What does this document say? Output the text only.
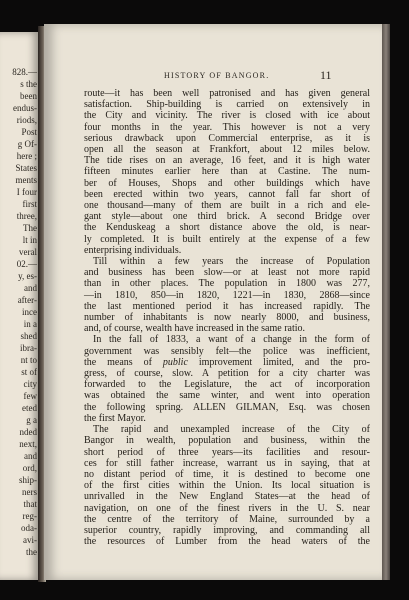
828.—
s the
been
endus-
riods,
Post
g Of-
here ;
States
ments
I four
first
three,
The
lt in
veral
02.—
y, es-
and
after-
ince
in a
shed
ibra-
nt to
st of
city
few
eted
g a
nded
next,
and
ord,
ship-
ners
that
reg-
oda-
avi-
the
HISTORY OF BANGOR.	11
route—it has been well patronised and has given general
satisfaction. Ship-building is carried on extensively in
the City and vicinity. The river is closed with ice about
four months in the year. This however is not a very
serious drawback upon Commercial enterprise, as it is
open all the season at Frankfort, about 12 miles below.
The tide rises on an average, 16 feet, and it is high water
fifteen minutes earlier here than at Castine. The num-
ber of Houses, Shops and other buildings which have
been erected within two years, cannot fall far short of
one thousand—many of them are built in a rich and ele-
gant style—about one third brick. A second Bridge over
the Kenduskeag a short distance above the old, is near-
ly completed. It is built entirely at the expense of a few
enterprising individuals.
Till within a few years the increase of Population
and business has been slow—or at least not more rapid
than in other places. The population in 1800 was 277,
—in 1810, 850—in 1820, 1221—in 1830, 2868—since
the last mentioned period it has increased rapidly. The
number of inhabitants is now nearly 8000, and business,
and, of course, wealth have increased in the same ratio.
In the fall of 1833, a want of a change in the form of
government was sensibly felt—the police was inefficient,
the means of public improvement limited, and the pro-
gress, of course, slow. A petition for a city charter was
forwarded to the Legislature, the act of incorporation
was obtained the same winter, and went into operation
the following spring. ALLEN GILMAN, Esq. was chosen
the first Mayor.
The rapid and unexampled increase of the City of
Bangor in wealth, population and business, within the
short period of three years—its facilities and resour-
ces for still father increase, warrant us in saying, that at
no distant period of time, it is destined to become one
of the first cities within the Union. Its local situation is
unrivalled in the New England States—at the head of
navigation, on one of the finest rivers in the U. S. near
the centre of the territory of Maine, surrounded by a
superior country, rapidly improving, and commanding all
the resources of Lumber from the head waters of the
